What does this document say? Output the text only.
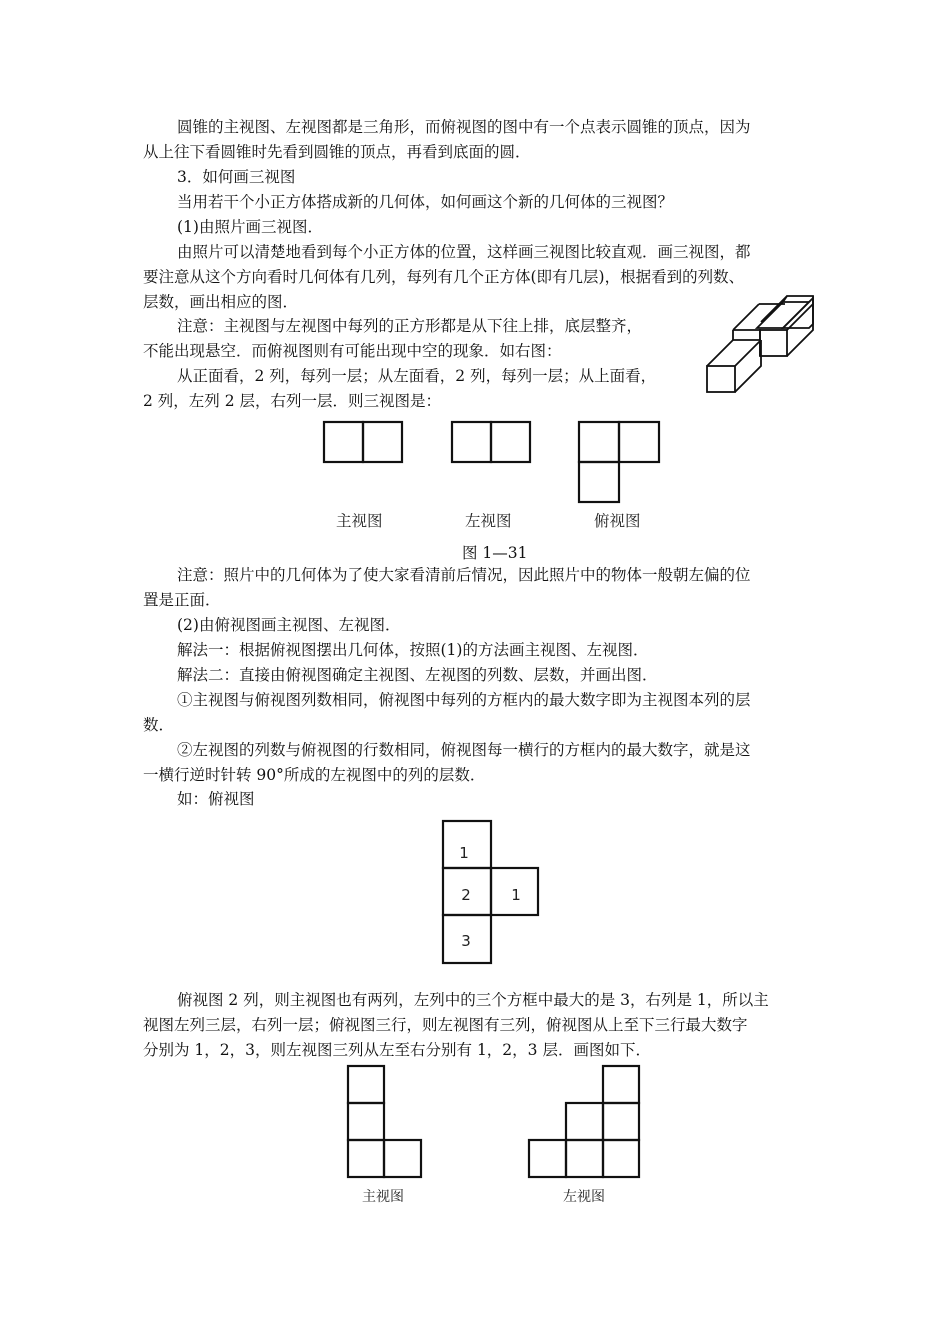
圆锥的主视图、左视图都是三角形，而俯视图的图中有一个点表示圆锥的顶点，因为
从上往下看圆锥时先看到圆锥的顶点，再看到底面的圆．
3．如何画三视图
当用若干个小正方体搭成新的几何体，如何画这个新的几何体的三视图？
(1)由照片画三视图．
由照片可以清楚地看到每个小正方体的位置，这样画三视图比较直观．画三视图，都
要注意从这个方向看时几何体有几列，每列有几个正方体(即有几层)，根据看到的列数、
层数，画出相应的图．
注意：主视图与左视图中每列的正方形都是从下往上排，底层整齐，
不能出现悬空．而俯视图则有可能出现中空的现象．如右图：
从正面看，2 列，每列一层；从左面看，2 列，每列一层；从上面看，
2 列，左列 2 层，右列一层．则三视图是：
主视图	左视图	俯视图
图 1—31
注意：照片中的几何体为了使大家看清前后情况，因此照片中的物体一般朝左偏的位
置是正面．
(2)由俯视图画主视图、左视图．
解法一：根据俯视图摆出几何体，按照(1)的方法画主视图、左视图．
解法二：直接由俯视图确定主视图、左视图的列数、层数，并画出图．
①主视图与俯视图列数相同，俯视图中每列的方框内的最大数字即为主视图本列的层
数．
②左视图的列数与俯视图的行数相同，俯视图每一横行的方框内的最大数字，就是这
一横行逆时针转 90°所成的左视图中的列的层数．
如：俯视图
1
2	1
3
俯视图 2 列，则主视图也有两列，左列中的三个方框中最大的是 3，右列是 1，所以主
视图左列三层，右列一层；俯视图三行，则左视图有三列，俯视图从上至下三行最大数字
分别为 1，2，3，则左视图三列从左至右分别有 1，2，3 层．画图如下．
主视图	左视图
